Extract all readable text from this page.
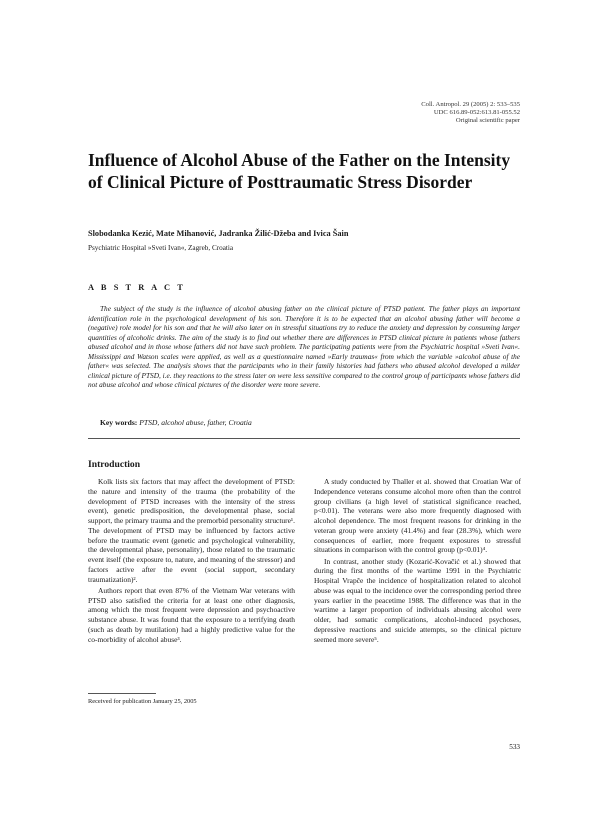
Coll. Antropol. 29 (2005) 2: 533–535
UDC 616.89-052:613.81-055.52
Original scientific paper
Influence of Alcohol Abuse of the Father on the Intensity of Clinical Picture of Posttraumatic Stress Disorder
Slobodanka Kezić, Mate Mihanović, Jadranka Žilić-Džeba and Ivica Šain
Psychiatric Hospital »Sveti Ivan«, Zagreb, Croatia
A B S T R A C T
The subject of the study is the influence of alcohol abusing father on the clinical picture of PTSD patient. The father plays an important identification role in the psychological development of his son. Therefore it is to be expected that an alcohol abusing father will become a (negative) role model for his son and that he will also later on in stressful situations try to reduce the anxiety and depression by consuming larger quantities of alcoholic drinks. The aim of the study is to find out whether there are differences in PTSD clinical picture in patients whose fathers abused alcohol and in those whose fathers did not have such problem. The participating patients were from the Psychiatric hospital »Sveti Ivan«. Mississippi and Watson scales were applied, as well as a questionnaire named »Early traumas« from which the variable »alcohol abuse of the father« was selected. The analysis shows that the participants who in their family histories had fathers who abused alcohol developed a milder clinical picture of PTSD, i.e. they reactions to the stress later on were less sensitive compared to the control group of participants whose fathers did not abuse alcohol and whose clinical pictures of the disorder were more severe.
Key words: PTSD, alcohol abuse, father, Croatia
Introduction

Kolk lists six factors that may affect the development of PTSD: the nature and intensity of the trauma (the probability of the development of PTSD increases with the intensity of the stress event), genetic predisposition, the developmental phase, social support, the primary trauma and the premorbid personality structure¹. The development of PTSD may be influenced by factors active before the traumatic event (genetic and psychological vulnerability, the developmental phase, personality), those related to the traumatic event itself (the exposure to, nature, and meaning of the stressor) and factors active after the event (social support, secondary traumatization)².

Authors report that even 87% of the Vietnam War veterans with PTSD also satisfied the criteria for at least one other diagnosis, among which the most frequent were depression and psychoactive substance abuse. It was found that the exposure to a terrifying death (such as death by mutilation) had a highly predictive value for the co-morbidity of alcohol abuse³.

A study conducted by Thaller et al. showed that Croatian War of Independence veterans consume alcohol more often than the control group civilians (a high level of statistical significance reached, p<0.01). The veterans were also more frequently diagnosed with alcohol dependence. The most frequent reasons for drinking in the veteran group were anxiety (41.4%) and fear (28.3%), which were consequences of earlier, more frequent exposures to stressful situations in comparison with the control group (p<0.01)⁴.

In contrast, another study (Kozarić-Kovačić et al.) showed that during the first months of the wartime 1991 in the Psychiatric Hospital Vrapče the incidence of hospitalization related to alcohol abuse was equal to the incidence over the corresponding period three years earlier in the peacetime 1988. The difference was that in the wartime a larger proportion of individuals abusing alcohol were older, had somatic complications, alcohol-induced psychoses, depressive reactions and suicide attempts, so the clinical picture seemed more severe⁵.

Received for publication January 25, 2005
533
